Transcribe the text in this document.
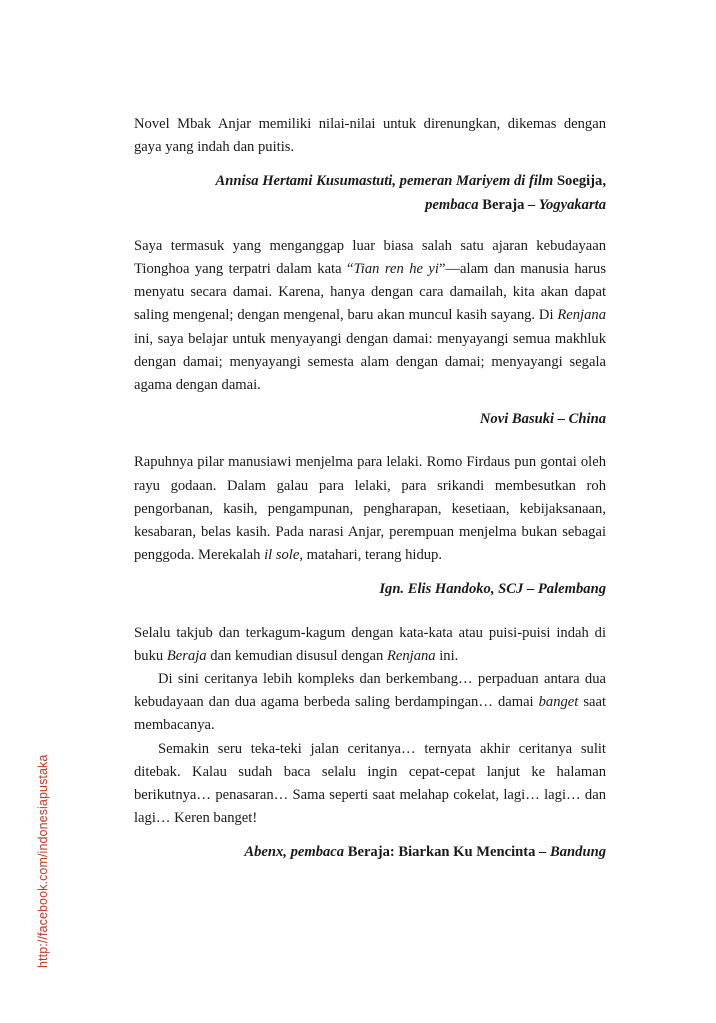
http://facebook.com/indonesiapustaka

Novel Mbak Anjar memiliki nilai-nilai untuk direnungkan, dikemas dengan gaya yang indah dan puitis.

Annisa Hertami Kusumastuti, pemeran Mariyem di film Soegija,
pembaca Beraja – Yogyakarta

Saya termasuk yang menganggap luar biasa salah satu ajaran kebudayaan Tionghoa yang terpatri dalam kata “Tian ren he yi”—alam dan manusia harus menyatu secara damai. Karena, hanya dengan cara damailah, kita akan dapat saling mengenal; dengan mengenal, baru akan muncul kasih sayang. Di Renjana ini, saya belajar untuk menyayangi dengan damai: menyayangi semua makhluk dengan damai; menyayangi semesta alam dengan damai; menyayangi segala agama dengan damai.

Novi Basuki – China

Rapuhnya pilar manusiawi menjelma para lelaki. Romo Firdaus pun gontai oleh rayu godaan. Dalam galau para lelaki, para srikandi membesutkan roh pengorbanan, kasih, pengampunan, pengharapan, kesetiaan, kebijaksanaan, kesabaran, belas kasih. Pada narasi Anjar, perempuan menjelma bukan sebagai penggoda. Merekalah il sole, matahari, terang hidup.

Ign. Elis Handoko, SCJ – Palembang

Selalu takjub dan terkagum-kagum dengan kata-kata atau puisi-puisi indah di buku Beraja dan kemudian disusul dengan Renjana ini.

Di sini ceritanya lebih kompleks dan berkembang… perpaduan antara dua kebudayaan dan dua agama berbeda saling berdampingan… damai banget saat membacanya.

Semakin seru teka-teki jalan ceritanya… ternyata akhir ceritanya sulit ditebak. Kalau sudah baca selalu ingin cepat-cepat lanjut ke halaman berikutnya… penasaran… Sama seperti saat melahap cokelat, lagi… lagi… dan lagi… Keren banget!

Abenx, pembaca Beraja: Biarkan Ku Mencinta – Bandung
